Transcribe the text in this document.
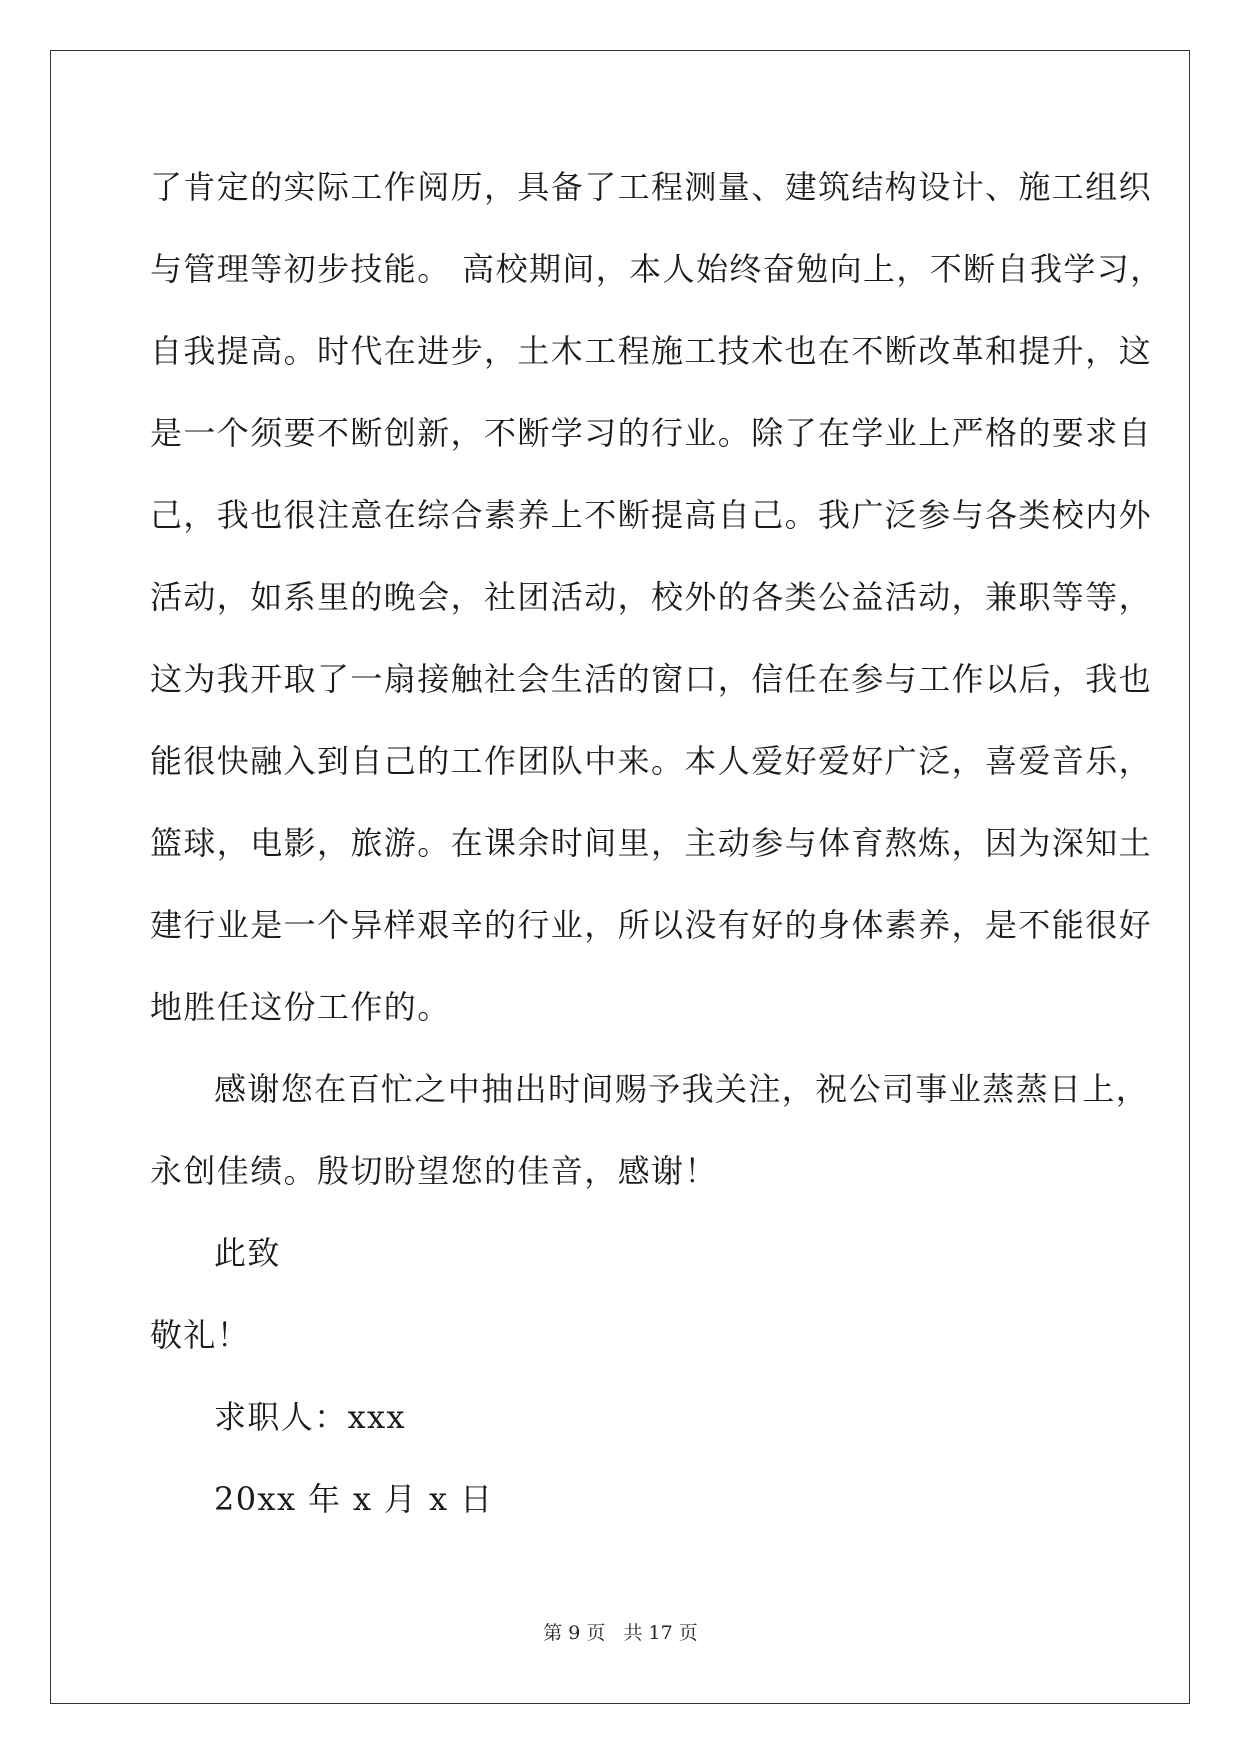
了肯定的实际工作阅历，具备了工程测量、建筑结构设计、施工组织
与管理等初步技能。 高校期间，本人始终奋勉向上，不断自我学习，
自我提高。时代在进步，土木工程施工技术也在不断改革和提升，这
是一个须要不断创新，不断学习的行业。除了在学业上严格的要求自
己，我也很注意在综合素养上不断提高自己。我广泛参与各类校内外
活动，如系里的晚会，社团活动，校外的各类公益活动，兼职等等，
这为我开取了一扇接触社会生活的窗口，信任在参与工作以后，我也
能很快融入到自己的工作团队中来。本人爱好爱好广泛，喜爱音乐，
篮球，电影，旅游。在课余时间里，主动参与体育熬炼，因为深知土
建行业是一个异样艰辛的行业，所以没有好的身体素养，是不能很好
地胜任这份工作的。
感谢您在百忙之中抽出时间赐予我关注，祝公司事业蒸蒸日上，
永创佳绩。殷切盼望您的佳音，感谢！
此致
敬礼！
求职人：xxx
20xx 年 x 月 x 日
第 9 页 共 17 页
